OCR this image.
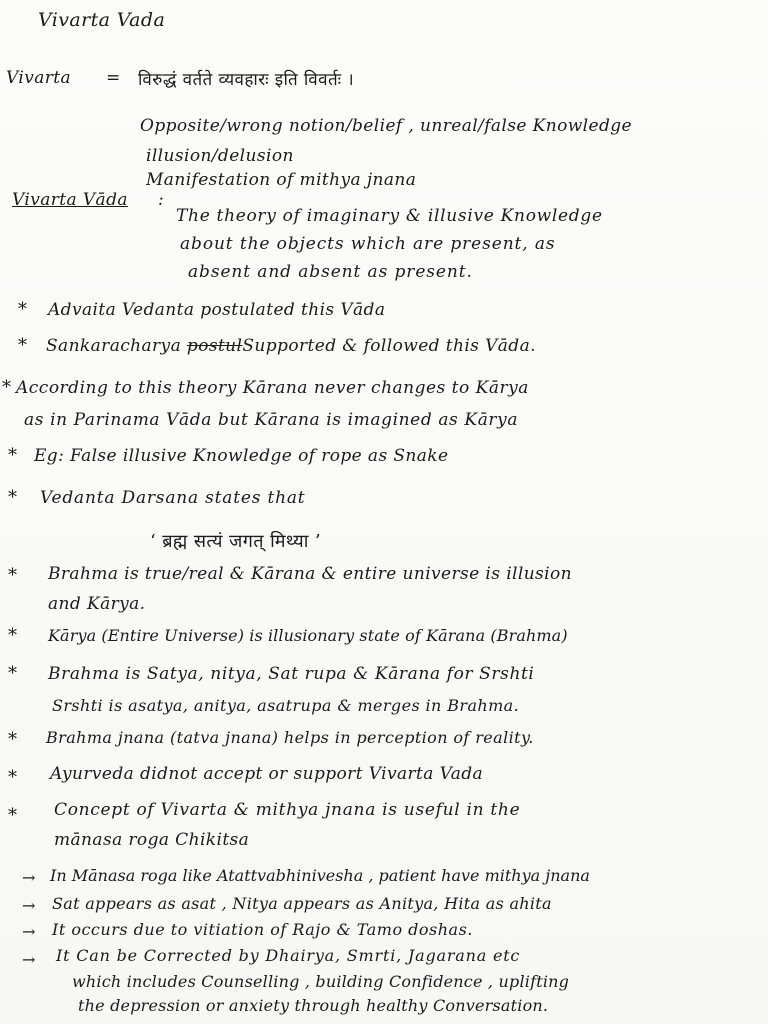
Vivarta Vada
Vivarta = विरुद्धं वर्तते व्यवहारः इति विवर्तः ।
Opposite/wrong notion/belief , unreal/false Knowledge
illusion/delusion
Manifestation of mithya jnana
Vivarta Vāda :
The theory of imaginary & illusive Knowledge
about the objects which are present, as
absent and absent as present.
* Advaita Vedanta postulated this Vāda
* Sankaracharya postulSupported & followed this Vāda.
* According to this theory Kārana never changes to Kārya
as in Parinama Vāda but Kārana is imagined as Kārya
* Eg: False illusive Knowledge of rope as Snake
* Vedanta Darsana states that
‘ ब्रह्म सत्यं जगत् मिथ्या ’
* Brahma is true/real & Kārana & entire universe is illusion
and Kārya.
* Kārya (Entire Universe) is illusionary state of Kārana (Brahma)
* Brahma is Satya, nitya, Sat rupa & Kārana for Srshti
Srshti is asatya, anitya, asatrupa & merges in Brahma.
* Brahma jnana (tatva jnana) helps in perception of reality.
* Ayurveda didnot accept or support Vivarta Vada
* Concept of Vivarta & mithya jnana is useful in the
mānasa roga Chikitsa
→ In Mānasa roga like Atattvabhinivesha , patient have mithya jnana
→ Sat appears as asat , Nitya appears as Anitya, Hita as ahita
→ It occurs due to vitiation of Rajo & Tamo doshas.
→ It Can be Corrected by Dhairya, Smrti, Jagarana etc
which includes Counselling , building Confidence , uplifting
the depression or anxiety through healthy Conversation.
